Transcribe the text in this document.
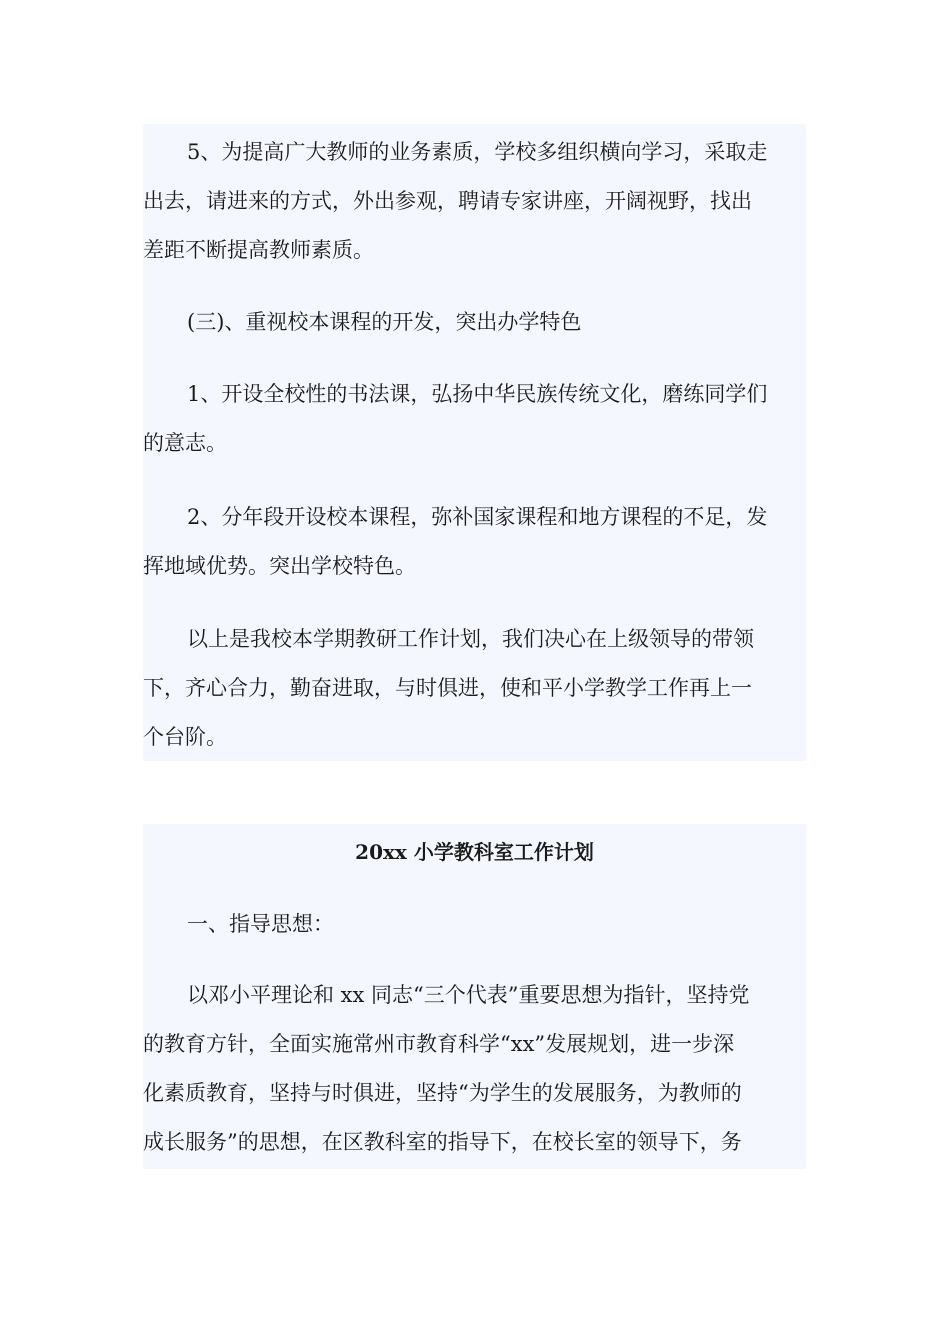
5、为提高广大教师的业务素质，学校多组织横向学习，采取走
出去，请进来的方式，外出参观，聘请专家讲座，开阔视野，找出
差距不断提高教师素质。

(三)、重视校本课程的开发，突出办学特色

1、开设全校性的书法课，弘扬中华民族传统文化，磨练同学们
的意志。

2、分年段开设校本课程，弥补国家课程和地方课程的不足，发
挥地域优势。突出学校特色。

以上是我校本学期教研工作计划，我们决心在上级领导的带领
下，齐心合力，勤奋进取，与时俱进，使和平小学教学工作再上一
个台阶。

20xx 小学教科室工作计划

一、指导思想：

以邓小平理论和 xx 同志“三个代表”重要思想为指针，坚持党
的教育方针，全面实施常州市教育科学“xx”发展规划，进一步深
化素质教育，坚持与时俱进，坚持“为学生的发展服务，为教师的
成长服务”的思想，在区教科室的指导下，在校长室的领导下，务
